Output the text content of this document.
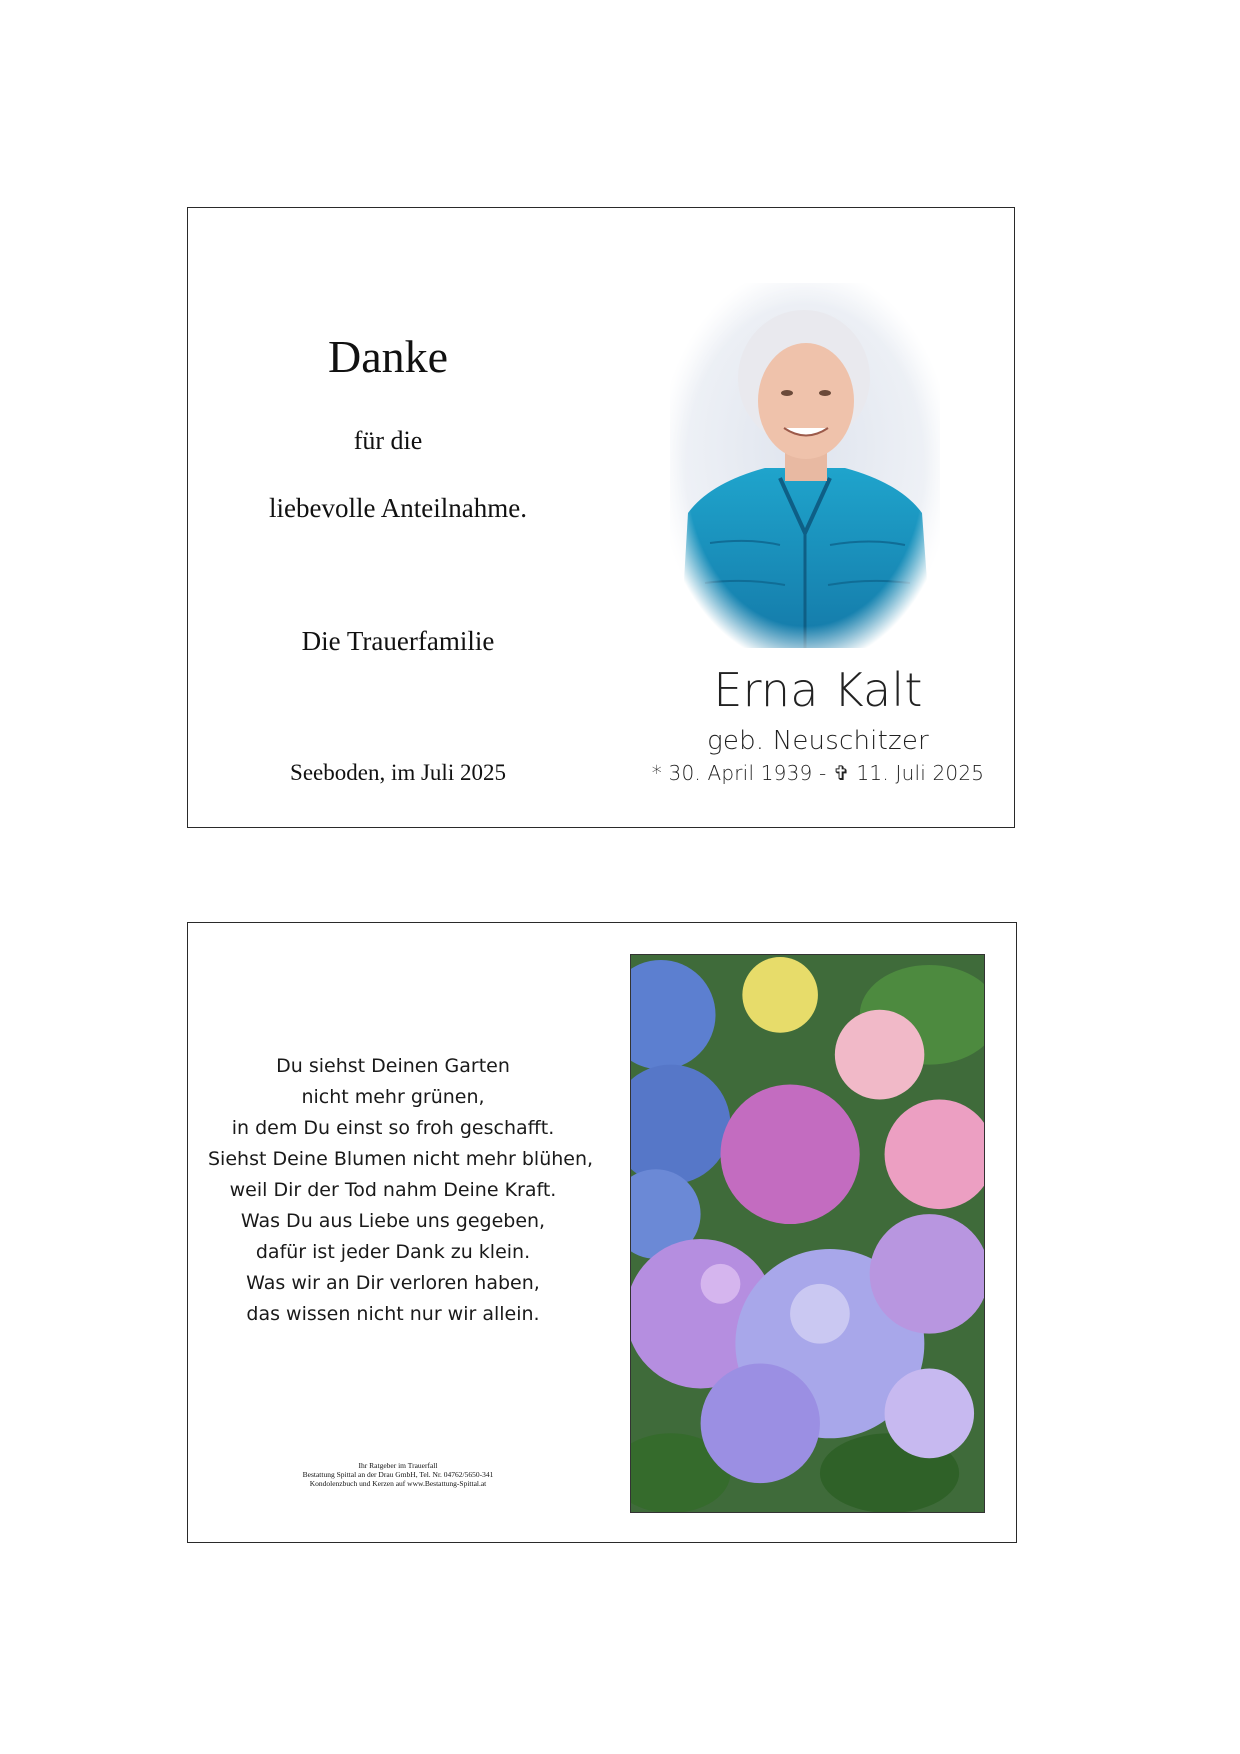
Danke
für die
liebevolle Anteilnahme.
Die Trauerfamilie
Seeboden, im Juli 2025
Erna Kalt
geb. Neuschitzer
* 30. April 1939 - ✞ 11. Juli 2025
Du siehst Deinen Garten
nicht mehr grünen,
in dem Du einst so froh geschafft.
Siehst Deine Blumen nicht mehr blühen,
weil Dir der Tod nahm Deine Kraft.
Was Du aus Liebe uns gegeben,
dafür ist jeder Dank zu klein.
Was wir an Dir verloren haben,
das wissen nicht nur wir allein.
Ihr Ratgeber im Trauerfall
Bestattung Spittal an der Drau GmbH, Tel. Nr. 04762/5650-341
Kondolenzbuch und Kerzen auf www.Bestattung-Spittal.at
